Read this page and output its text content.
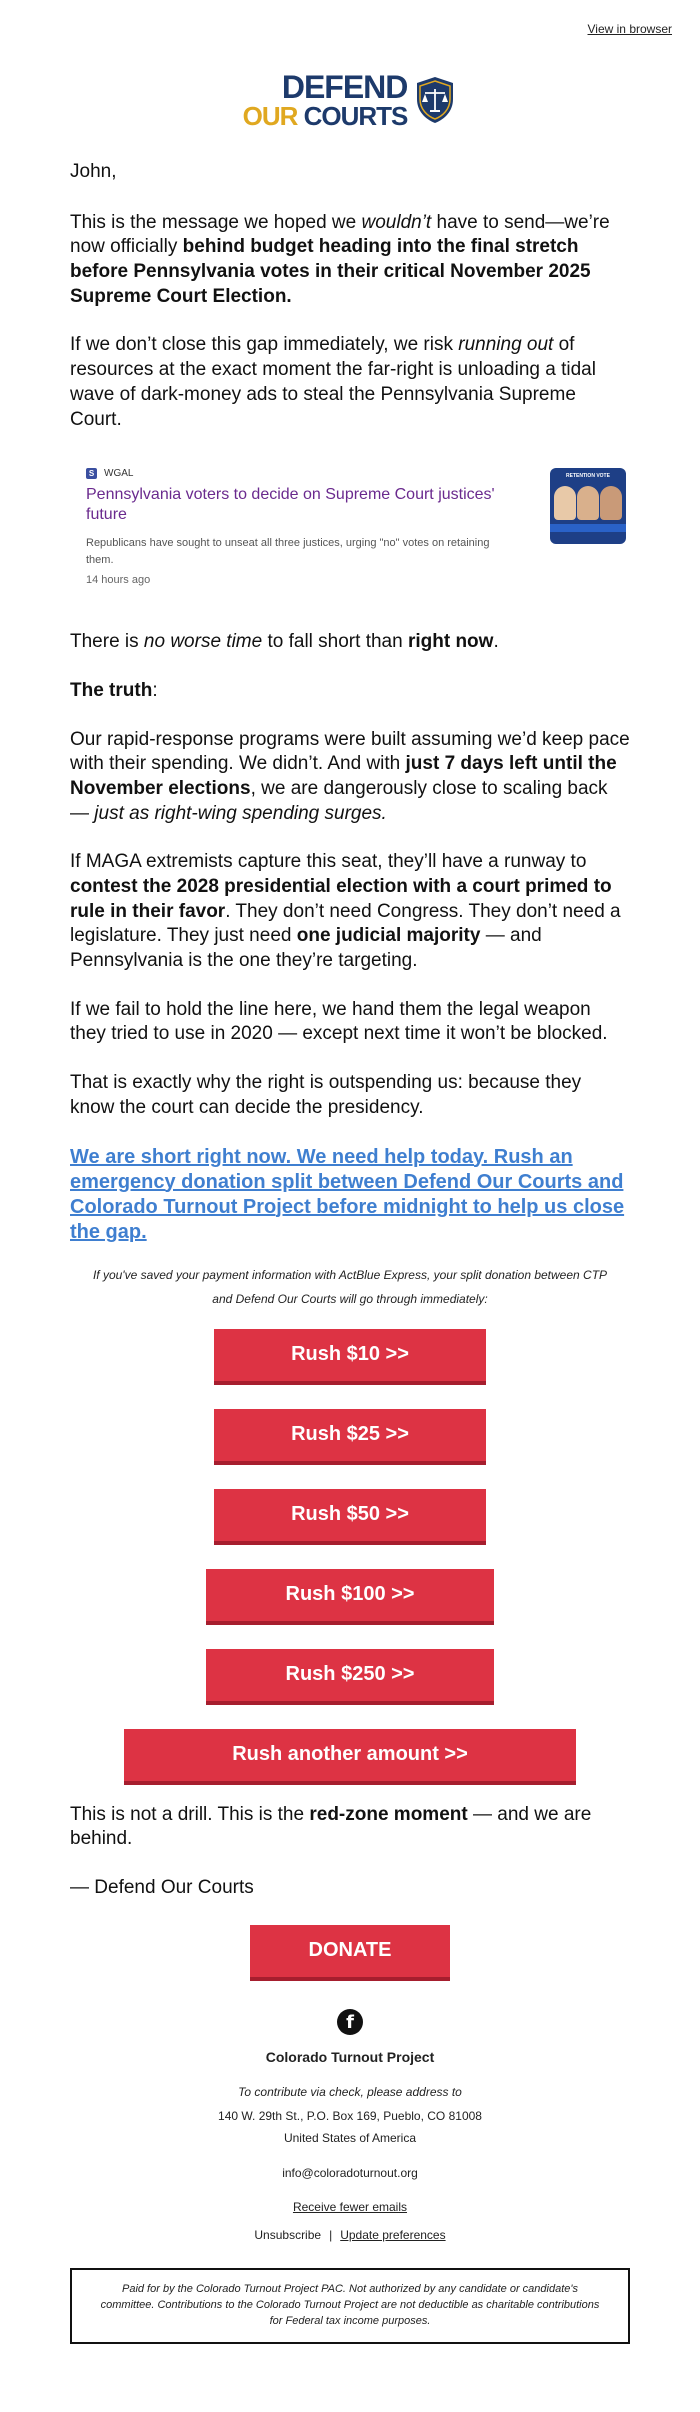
View in browser
DEFEND
OUR COURTS

John,

This is the message we hoped we wouldn’t have to send—we’re now officially behind budget heading into the final stretch before Pennsylvania votes in their critical November 2025 Supreme Court Election.

If we don’t close this gap immediately, we risk running out of resources at the exact moment the far-right is unloading a tidal wave of dark-money ads to steal the Pennsylvania Supreme Court.

S WGAL
Pennsylvania voters to decide on Supreme Court justices' future
Republicans have sought to unseat all three justices, urging "no" votes on retaining them.
14 hours ago
RETENTION VOTE

There is no worse time to fall short than right now.

The truth:

Our rapid-response programs were built assuming we’d keep pace with their spending. We didn’t. And with just 7 days left until the November elections, we are dangerously close to scaling back — just as right-wing spending surges.

If MAGA extremists capture this seat, they’ll have a runway to contest the 2028 presidential election with a court primed to rule in their favor. They don’t need Congress. They don’t need a legislature. They just need one judicial majority — and Pennsylvania is the one they’re targeting.

If we fail to hold the line here, we hand them the legal weapon they tried to use in 2020 — except next time it won’t be blocked.

That is exactly why the right is outspending us: because they know the court can decide the presidency.

We are short right now. We need help today. Rush an emergency donation split between Defend Our Courts and Colorado Turnout Project before midnight to help us close the gap.

If you've saved your payment information with ActBlue Express, your split donation between CTP and Defend Our Courts will go through immediately:

Rush $10 >>
Rush $25 >>
Rush $50 >>
Rush $100 >>
Rush $250 >>
Rush another amount >>

This is not a drill. This is the red-zone moment — and we are behind.

— Defend Our Courts

DONATE
f
Colorado Turnout Project
To contribute via check, please address to
140 W. 29th St., P.O. Box 169, Pueblo, CO 81008
United States of America
info@coloradoturnout.org
Receive fewer emails
Unsubscribe | Update preferences
Paid for by the Colorado Turnout Project PAC. Not authorized by any candidate or candidate's committee. Contributions to the Colorado Turnout Project are not deductible as charitable contributions for Federal tax income purposes.
